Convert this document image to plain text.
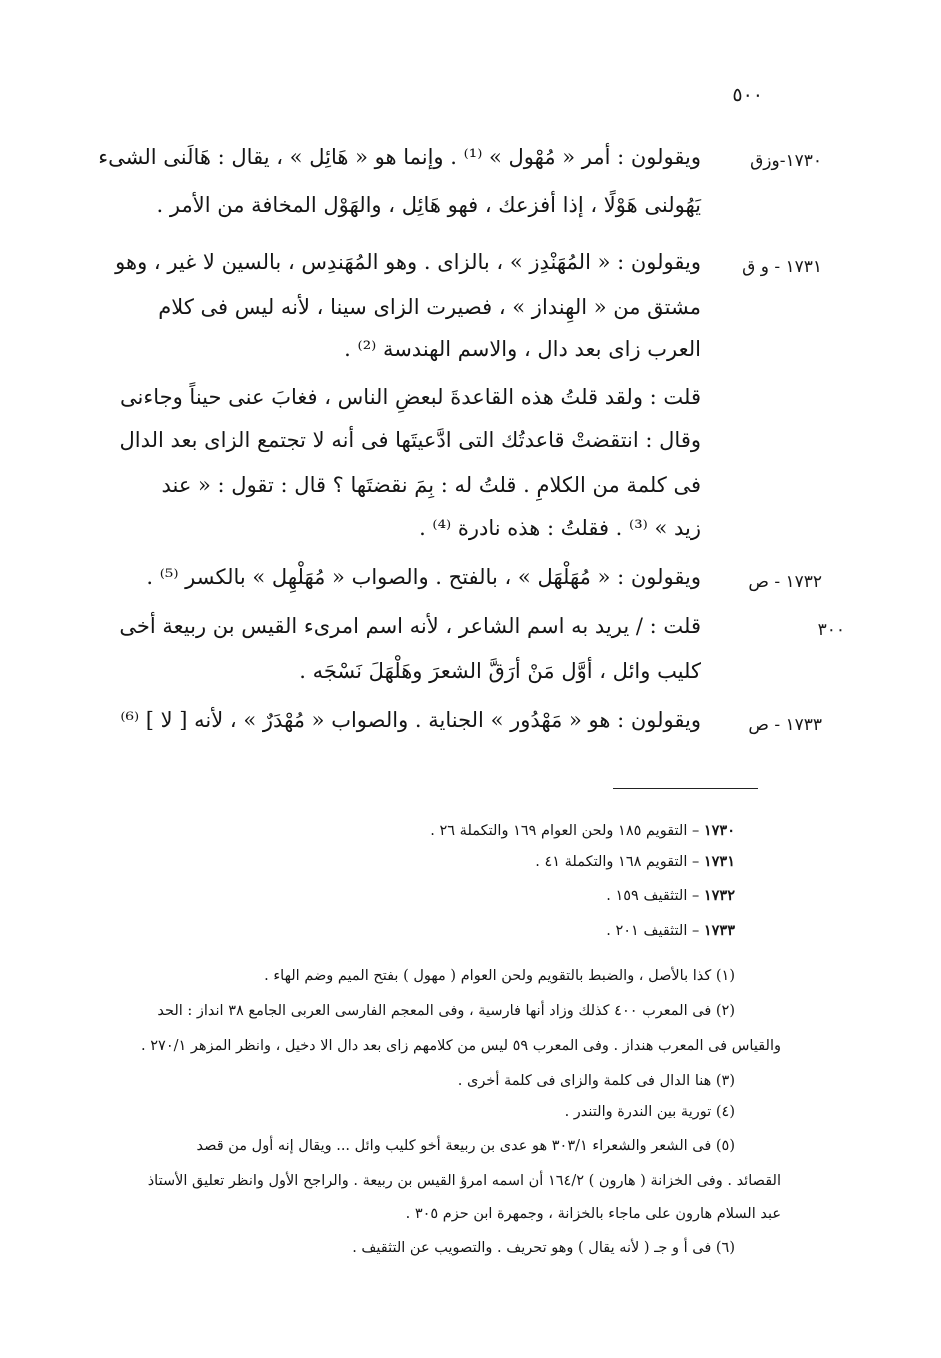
٥٠٠
١٧٣٠-وزق
ويقولون : أمر « مُهْول » ⁽¹⁾ . وإنما هو « هَائِل » ، يقال : هَالَنى الشىء
يَهُولنى هَوْلًا ، إذا أفزعك ، فهو هَائِل ، والهَوْل المخافة من الأمر .
١٧٣١ - و ق
ويقولون : « المُهَنْدِز » ، بالزاى . وهو المُهَندِس ، بالسين لا غير ، وهو
مشتق من « الهِنداز » ، فصيرت الزاى سينا ، لأنه ليس فى كلام
العرب زاى بعد دال ، والاسم الهندسة ⁽²⁾ .
قلت : ولقد قلتُ هذه القاعدةَ لبعضِ الناس ، فغابَ عنى حيناً وجاءنى
وقال : انتقضتْ قاعدتُك التى ادَّعيتَها فى أنه لا تجتمع الزاى بعد الدال
فى كلمة من الكلامِ . قلتُ له : بِمَ نقضتَها ؟ قال : تقول : « عند
زيد » ⁽³⁾ . فقلتُ : هذه نادرة ⁽⁴⁾ .
١٧٣٢ - ص
ويقولون : « مُهَلْهَل » ، بالفتح . والصواب « مُهَلْهِل » بالكسر ⁽⁵⁾ .
٣٠٠
قلت : / يريد به اسم الشاعر ، لأنه اسم امرىء القيس بن ربيعة أخى
كليب وائل ، أوَّل مَنْ أرَقَّ الشعرَ وهَلْهَلَ نَسْجَه .
١٧٣٣ - ص
ويقولون : هو « مَهْدُور » الجناية . والصواب « مُهْدَرٌ » ، لأنه [ لا ] ⁽⁶⁾
١٧٣٠ – التقويم ١٨٥ ولحن العوام ١٦٩ والتكملة ٢٦ .
١٧٣١ – التقويم ١٦٨ والتكملة ٤١ .
١٧٣٢ – التثقيف ١٥٩ .
١٧٣٣ – التثقيف ٢٠١ .
(١) كذا بالأصل ، والضبط بالتقويم ولحن العوام ( مهول ) بفتح الميم وضم الهاء .
(٢) فى المعرب ٤٠٠ كذلك وزاد أنها فارسية ، وفى المعجم الفارسى العربى الجامع ٣٨ انداز : الحد
والقياس فى المعرب هنداز . وفى المعرب ٥٩ ليس من كلامهم زاى بعد دال الا دخيل ، وانظر المزهر ٢٧٠/١ .
(٣) هنا الدال فى كلمة والزاى فى كلمة أخرى .
(٤) تورية بين الندرة والتندر .
(٥) فى الشعر والشعراء ٣٠٣/١ هو عدى بن ربيعة أخو كليب وائل ... ويقال إنه أول من قصد
القصائد . وفى الخزانة ( هارون ) ١٦٤/٢ أن اسمه امرؤ القيس بن ربيعة . والراجح الأول وانظر تعليق الأستاذ
عبد السلام هارون على ماجاء بالخزانة ، وجمهرة ابن حزم ٣٠٥ .
(٦) فى أ و جـ ( لأنه يقال ) وهو تحريف . والتصويب عن التثقيف .
